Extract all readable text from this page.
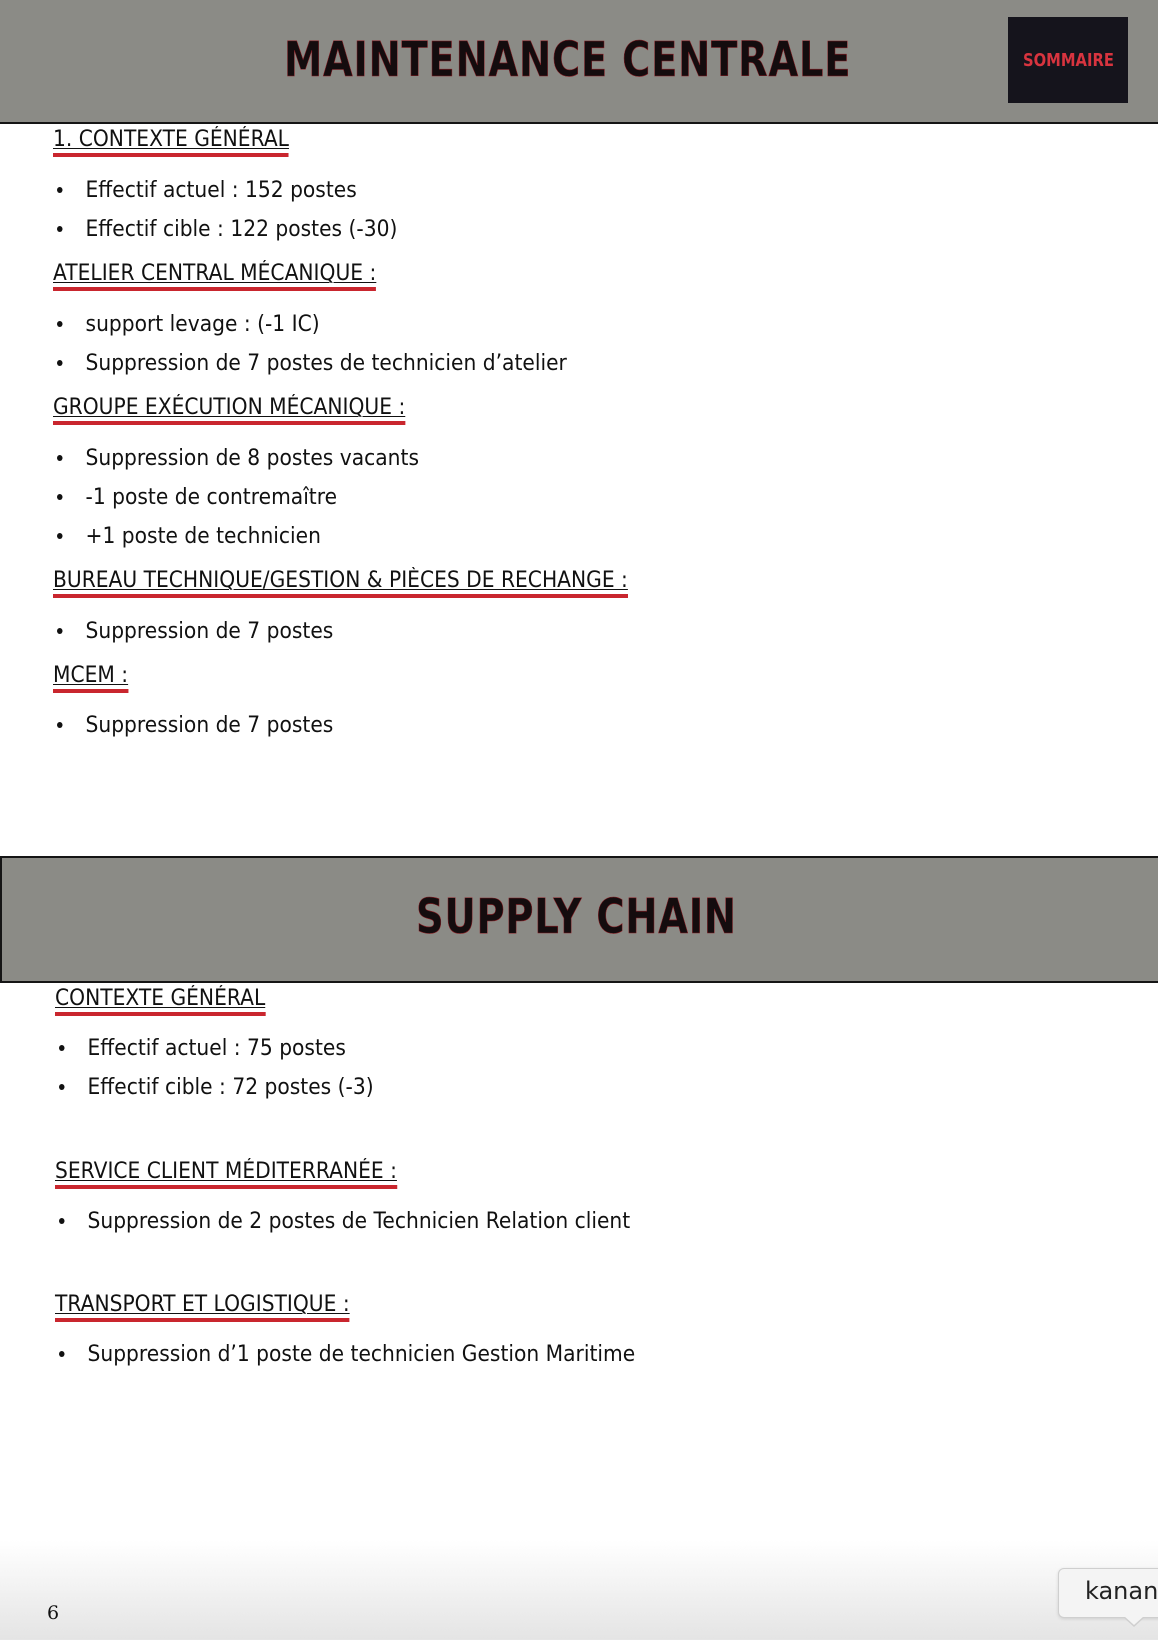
MAINTENANCE CENTRALE	SOMMAIRE
1. CONTEXTE GÉNÉRAL
Effectif actuel : 152 postes
Effectif cible : 122 postes (-30)
ATELIER CENTRAL MÉCANIQUE :
support levage : (-1 IC)
Suppression de 7 postes de technicien d’atelier
GROUPE EXÉCUTION MÉCANIQUE :
Suppression de 8 postes vacants
-1 poste de contremaître
+1 poste de technicien
BUREAU TECHNIQUE/GESTION & PIÈCES DE RECHANGE :
Suppression de 7 postes
MCEM :
Suppression de 7 postes
SUPPLY CHAIN
CONTEXTE GÉNÉRAL
Effectif actuel : 75 postes
Effectif cible : 72 postes (-3)
SERVICE CLIENT MÉDITERRANÉE :
Suppression de 2 postes de Technicien Relation client
TRANSPORT ET LOGISTIQUE :
Suppression d’1 poste de technicien Gestion Maritime
6
kanan
